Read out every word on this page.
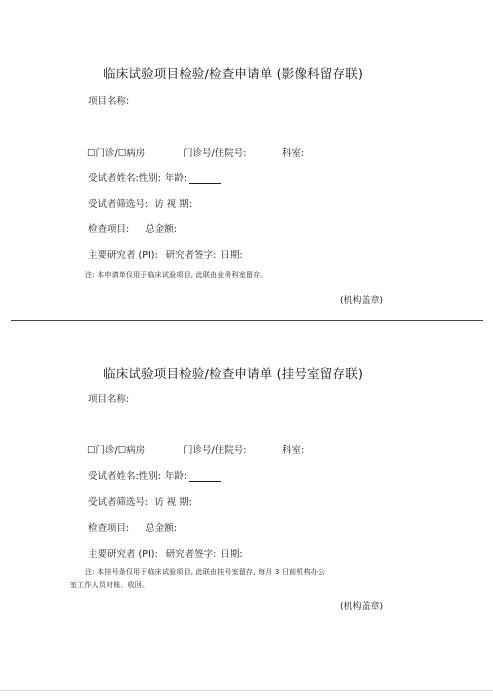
临床试验项目检验/检查申请单 (影像科留存联)
项目名称:
☐门诊/☐病房	门诊号/住院号:	科室:
受试者姓名:性别: 年龄:
受试者筛选号: 访 视 期:
检查项目: 总金额:
主要研究者 (PI): 研究者签字: 日期:
注: 本申请单仅用于临床试验项目, 此联由业务科室留存。
(机构盖章)
临床试验项目检验/检查申请单 (挂号室留存联)
项目名称:
☐门诊/☐病房	门诊号/住院号:	科室:
受试者姓名:性别: 年龄:
受试者筛选号: 访 视 期:
检查项目: 总金额:
主要研究者 (PI): 研究者签字: 日期:
注: 本挂号条仅用于临床试验项目, 此联由挂号室留存, 每月 3 日前机构办公
室工作人员对账、收回。
(机构盖章)
